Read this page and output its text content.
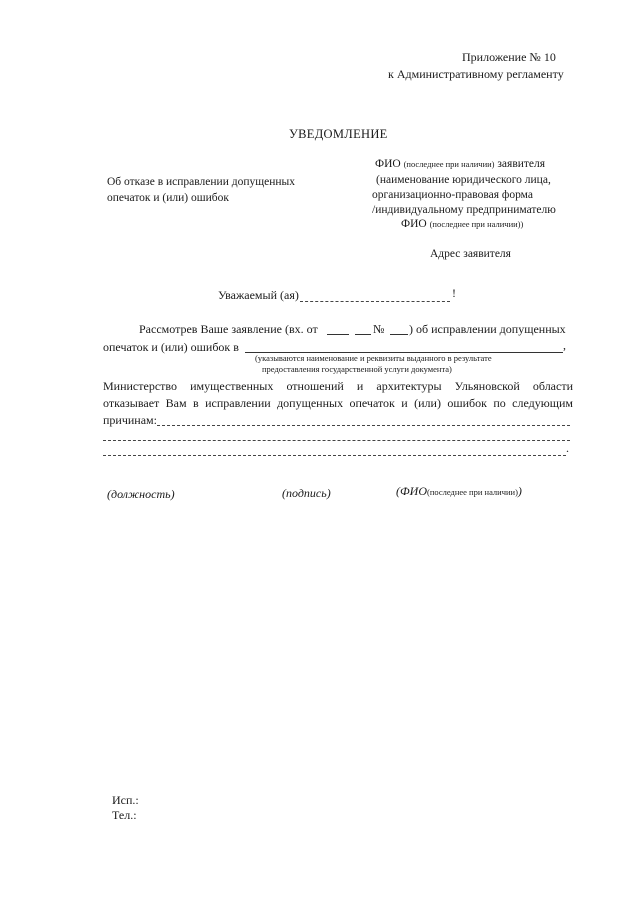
Приложение № 10
к Административному регламенту
УВЕДОМЛЕНИЕ
Об отказе в исправлении допущенных
опечаток и (или) ошибок
ФИО (последнее при наличии) заявителя
(наименование юридического лица,
организационно-правовая форма
/индивидуальному предпринимателю
ФИО (последнее при наличии))
Адрес заявителя
Уважаемый (ая)	!
Рассмотрев Ваше заявление (вх. от	№ ) об исправлении допущенных
опечаток и (или) ошибок в	,
(указываются наименование и реквизиты выданного в результате
предоставления государственной услуги документа)
Министерство имущественных отношений и архитектуры Ульяновской области
отказывает Вам в исправлении допущенных опечаток и (или) ошибок по следующим
причинам:
.
(должность)	(подпись)	(ФИО(последнее при наличии))
Исп.:
Тел.:
